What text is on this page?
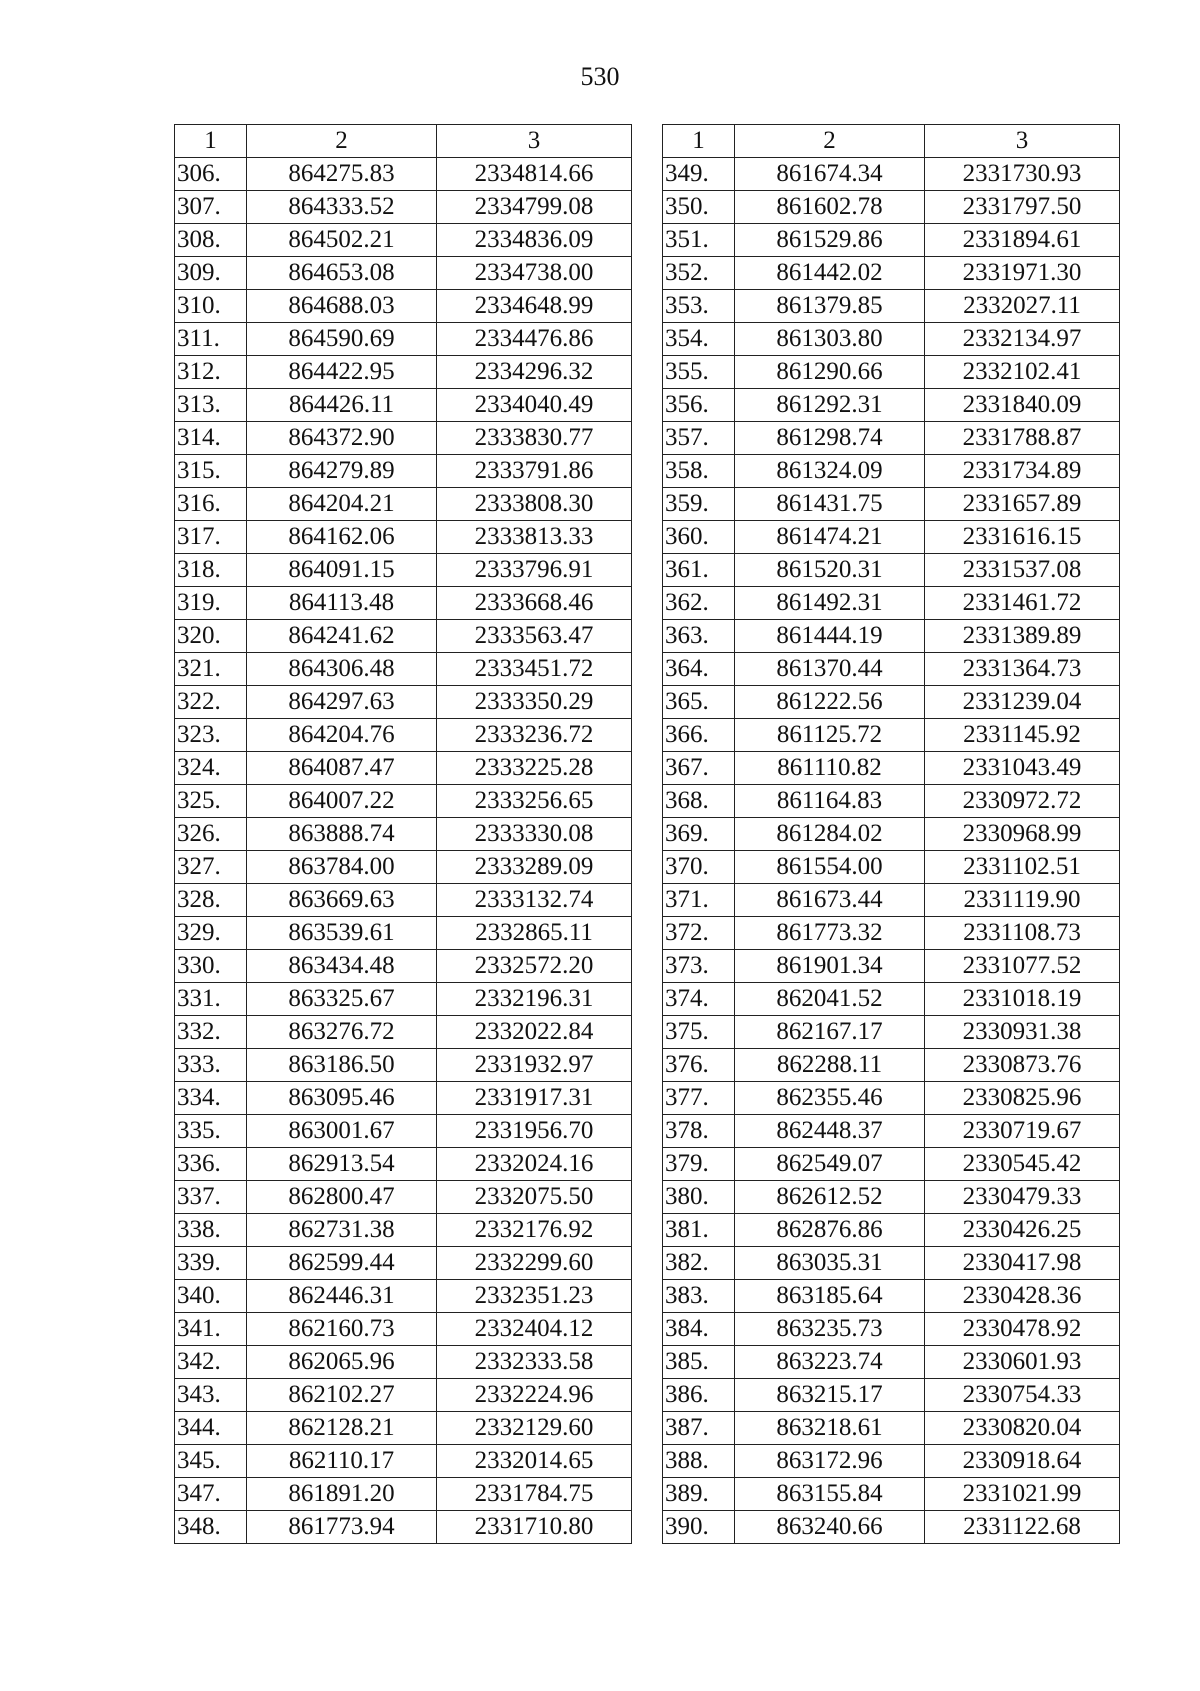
530
1	2	3
306.	864275.83	2334814.66
307.	864333.52	2334799.08
308.	864502.21	2334836.09
309.	864653.08	2334738.00
310.	864688.03	2334648.99
311.	864590.69	2334476.86
312.	864422.95	2334296.32
313.	864426.11	2334040.49
314.	864372.90	2333830.77
315.	864279.89	2333791.86
316.	864204.21	2333808.30
317.	864162.06	2333813.33
318.	864091.15	2333796.91
319.	864113.48	2333668.46
320.	864241.62	2333563.47
321.	864306.48	2333451.72
322.	864297.63	2333350.29
323.	864204.76	2333236.72
324.	864087.47	2333225.28
325.	864007.22	2333256.65
326.	863888.74	2333330.08
327.	863784.00	2333289.09
328.	863669.63	2333132.74
329.	863539.61	2332865.11
330.	863434.48	2332572.20
331.	863325.67	2332196.31
332.	863276.72	2332022.84
333.	863186.50	2331932.97
334.	863095.46	2331917.31
335.	863001.67	2331956.70
336.	862913.54	2332024.16
337.	862800.47	2332075.50
338.	862731.38	2332176.92
339.	862599.44	2332299.60
340.	862446.31	2332351.23
341.	862160.73	2332404.12
342.	862065.96	2332333.58
343.	862102.27	2332224.96
344.	862128.21	2332129.60
345.	862110.17	2332014.65
347.	861891.20	2331784.75
348.	861773.94	2331710.80
1	2	3
349.	861674.34	2331730.93
350.	861602.78	2331797.50
351.	861529.86	2331894.61
352.	861442.02	2331971.30
353.	861379.85	2332027.11
354.	861303.80	2332134.97
355.	861290.66	2332102.41
356.	861292.31	2331840.09
357.	861298.74	2331788.87
358.	861324.09	2331734.89
359.	861431.75	2331657.89
360.	861474.21	2331616.15
361.	861520.31	2331537.08
362.	861492.31	2331461.72
363.	861444.19	2331389.89
364.	861370.44	2331364.73
365.	861222.56	2331239.04
366.	861125.72	2331145.92
367.	861110.82	2331043.49
368.	861164.83	2330972.72
369.	861284.02	2330968.99
370.	861554.00	2331102.51
371.	861673.44	2331119.90
372.	861773.32	2331108.73
373.	861901.34	2331077.52
374.	862041.52	2331018.19
375.	862167.17	2330931.38
376.	862288.11	2330873.76
377.	862355.46	2330825.96
378.	862448.37	2330719.67
379.	862549.07	2330545.42
380.	862612.52	2330479.33
381.	862876.86	2330426.25
382.	863035.31	2330417.98
383.	863185.64	2330428.36
384.	863235.73	2330478.92
385.	863223.74	2330601.93
386.	863215.17	2330754.33
387.	863218.61	2330820.04
388.	863172.96	2330918.64
389.	863155.84	2331021.99
390.	863240.66	2331122.68
